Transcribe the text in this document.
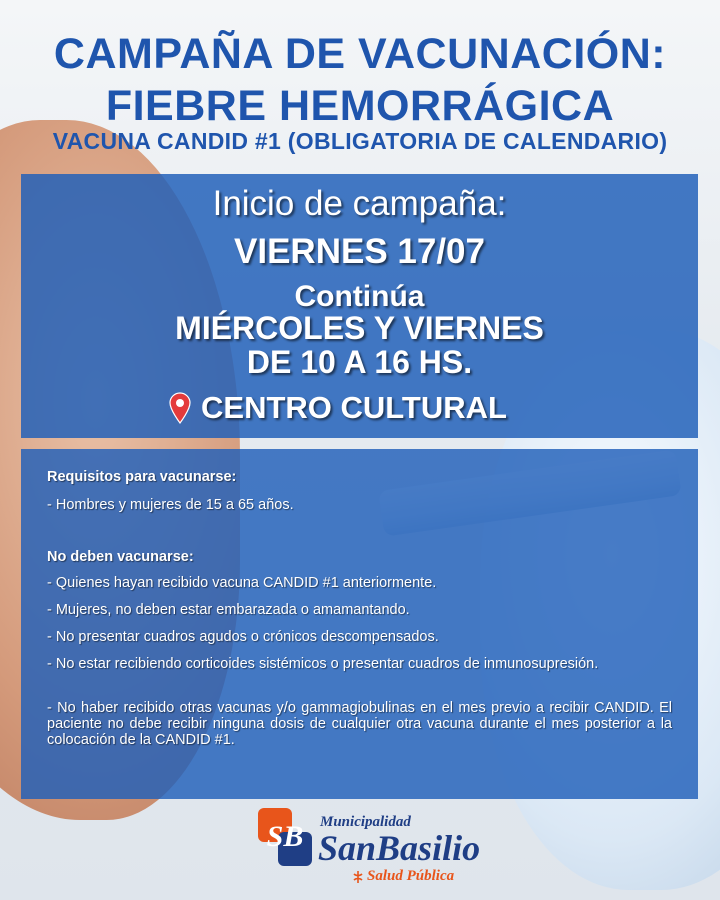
CAMPAÑA DE VACUNACIÓN:
FIEBRE HEMORRÁGICA
VACUNA CANDID #1 (OBLIGATORIA DE CALENDARIO)

Inicio de campaña:

VIERNES 17/07

Continúa

MIÉRCOLES Y VIERNES

DE 10 A 16 HS.

CENTRO CULTURAL

Requisitos para vacunarse:

- Hombres y mujeres de 15 a 65 años.

No deben vacunarse:

- Quienes hayan recibido vacuna CANDID #1 anteriormente.

- Mujeres, no deben estar embarazada o amamantando.

- No presentar cuadros agudos o crónicos descompensados.

- No estar recibiendo corticoides sistémicos o presentar cuadros de inmunosupresión.

- No haber recibido otras vacunas y/o gammagiobulinas en el mes previo a recibir CANDID. El paciente no debe recibir ninguna dosis de cualquier otra vacuna durante el mes posterior a la colocación de la CANDID #1.

SB Municipalidad
SanBasilio
Salud Pública
